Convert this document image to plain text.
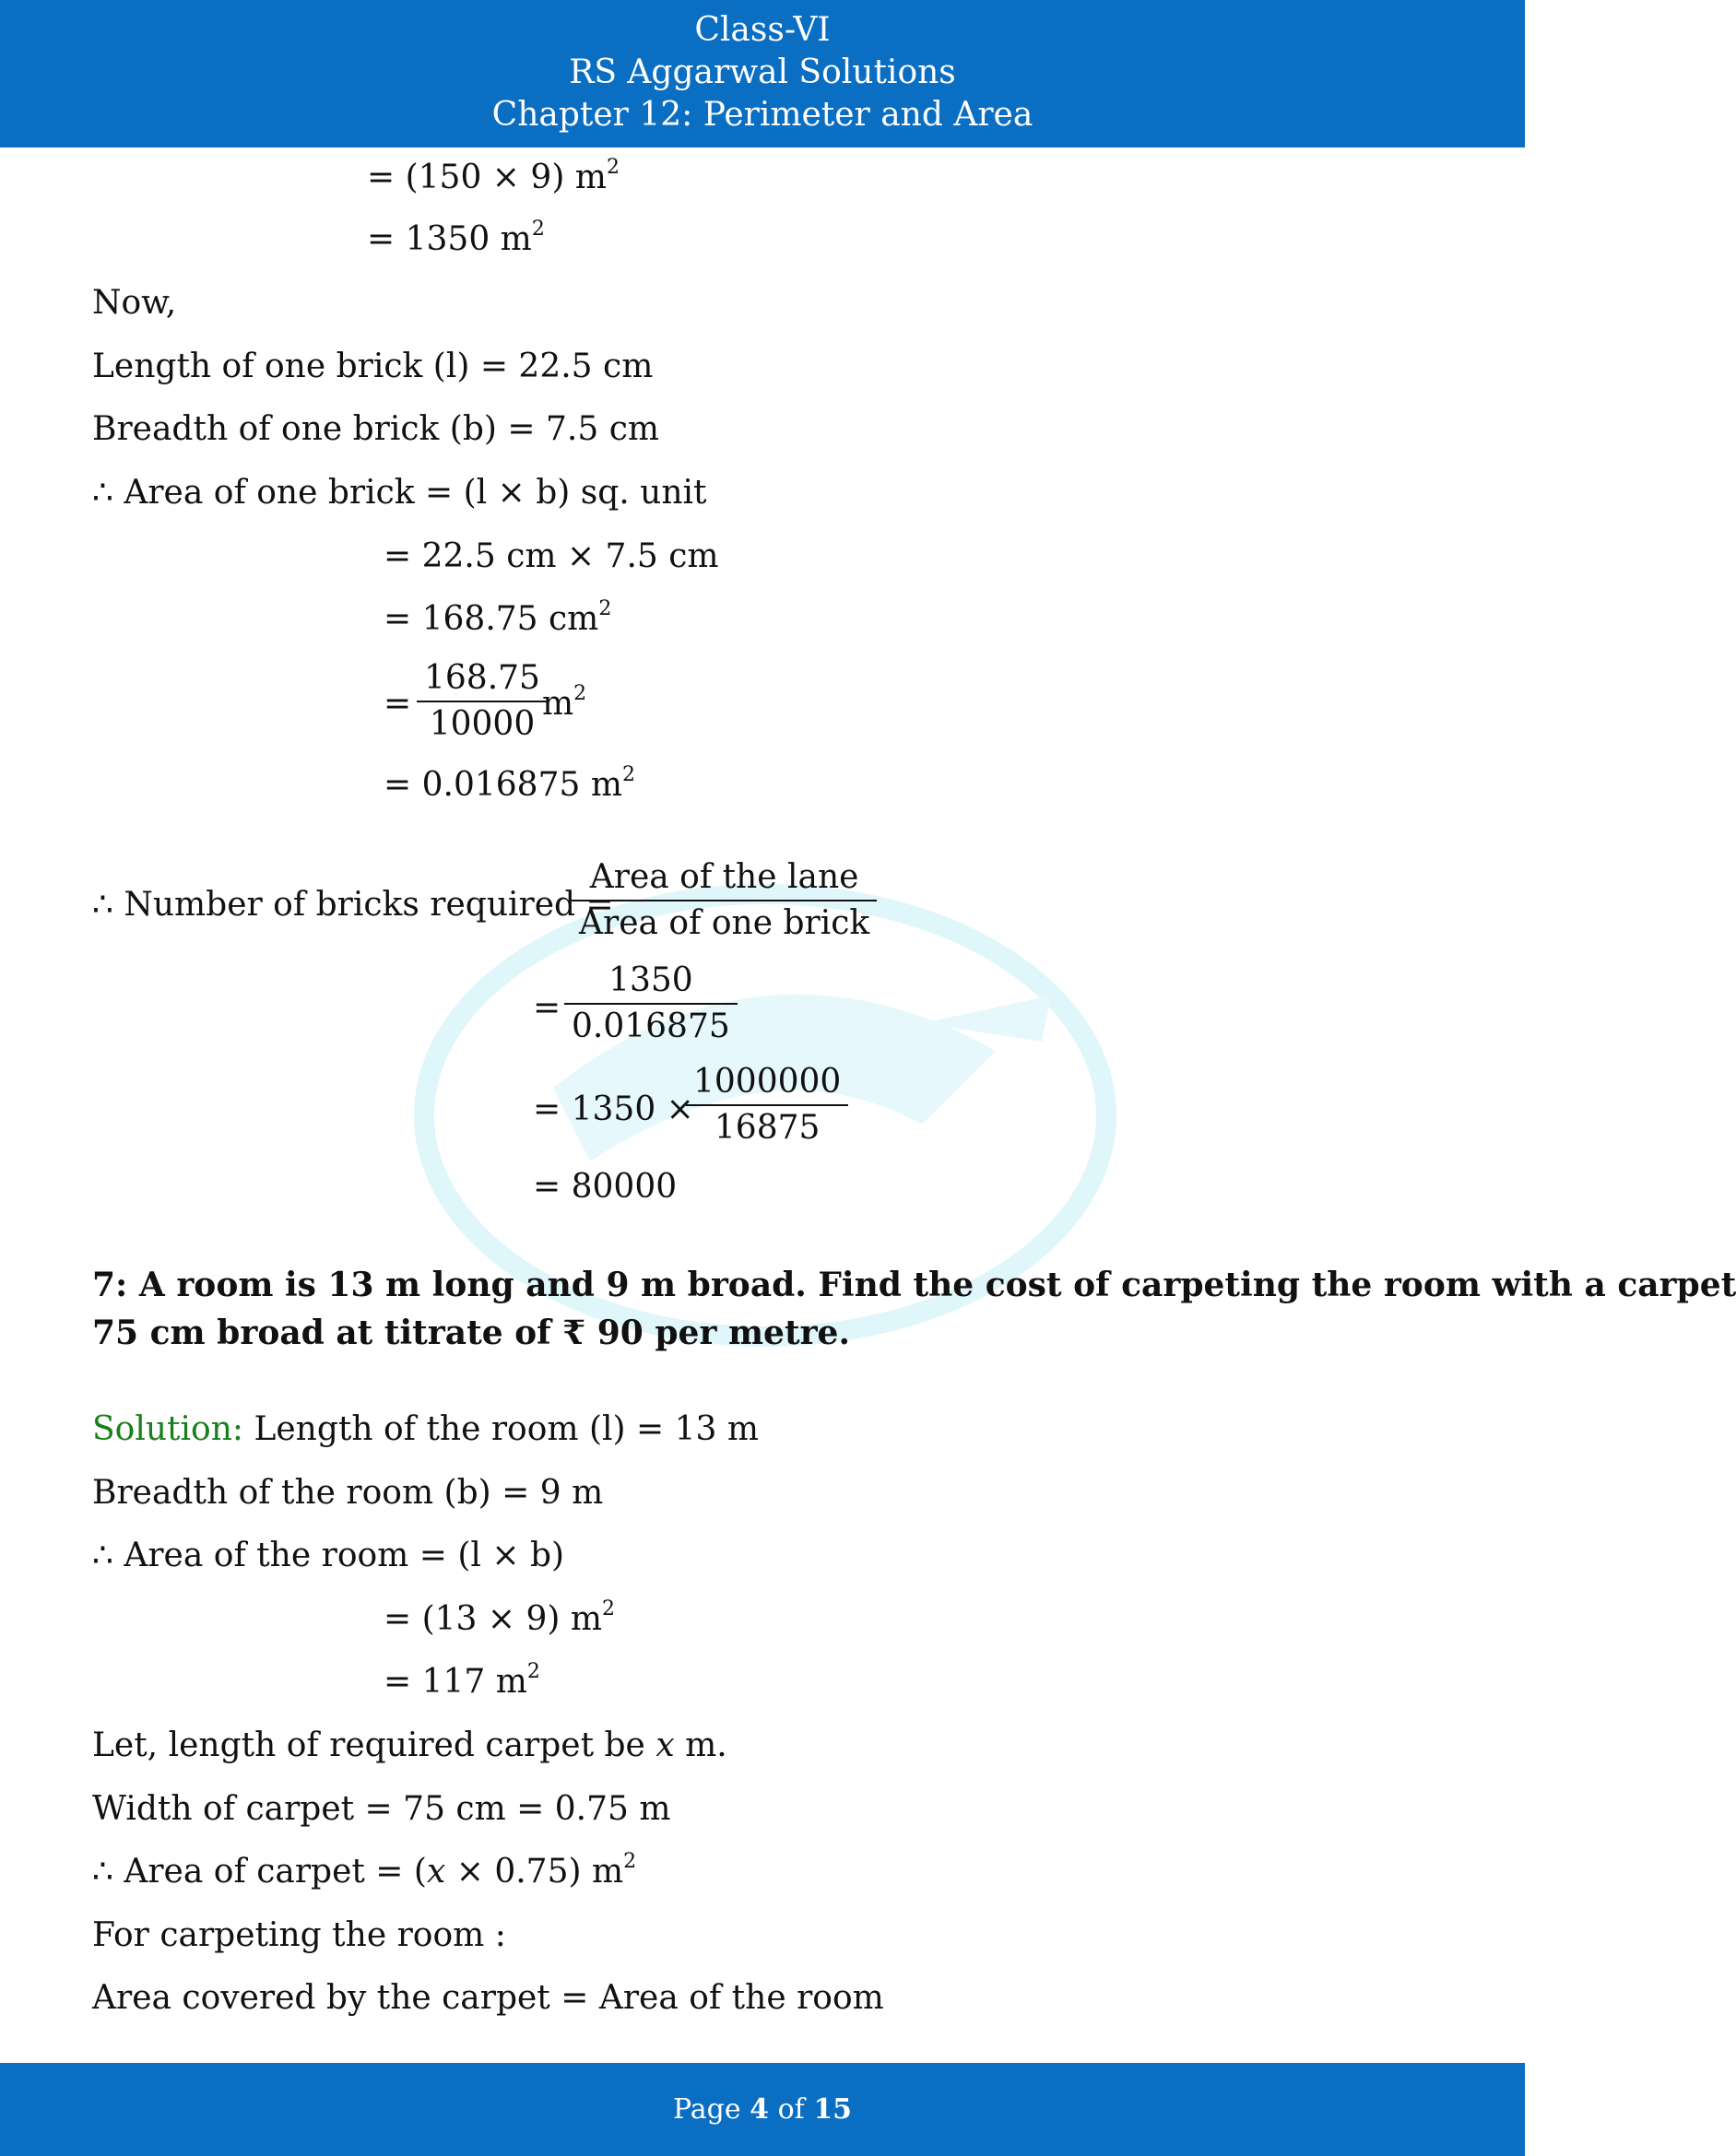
Class-VI
RS Aggarwal Solutions
Chapter 12: Perimeter and Area
= (150 × 9) $m^2$
= 1350 $m^2$
Now,
Length of one brick (l) = 22.5 cm
Breadth of one brick (b) = 7.5 cm
∴ Area of one brick = (l × b) sq. unit
= 22.5 cm × 7.5 cm
= 168.75 $cm^2$
= $\frac{168.75}{10000}$
$m^2$
= 0.016875 $m^2$
∴ Number of bricks required =
Area of the lane
Area of one brick
= $\frac{1350}{0.016875}$
= 1350 ×
$\frac{1000000}{16875}$
= 80000
7: A room is 13 m long and 9 m broad. Find the cost of carpeting the room with a carpet
75 cm broad at titrate of ₹ 90 per metre.
Solution: Length of the room (l) = 13 m
Breadth of the room (b) = 9 m
∴ Area of the room = (l × b)
= (13 × 9) $m^2$
= 117 $m^2$
Let, length of required carpet be x m.
Width of carpet = 75 cm = 0.75 m
∴ Area of carpet = (x × 0.75) $m^2$
For carpeting the room :
Area covered by the carpet = Area of the room
Page 4 of 15
